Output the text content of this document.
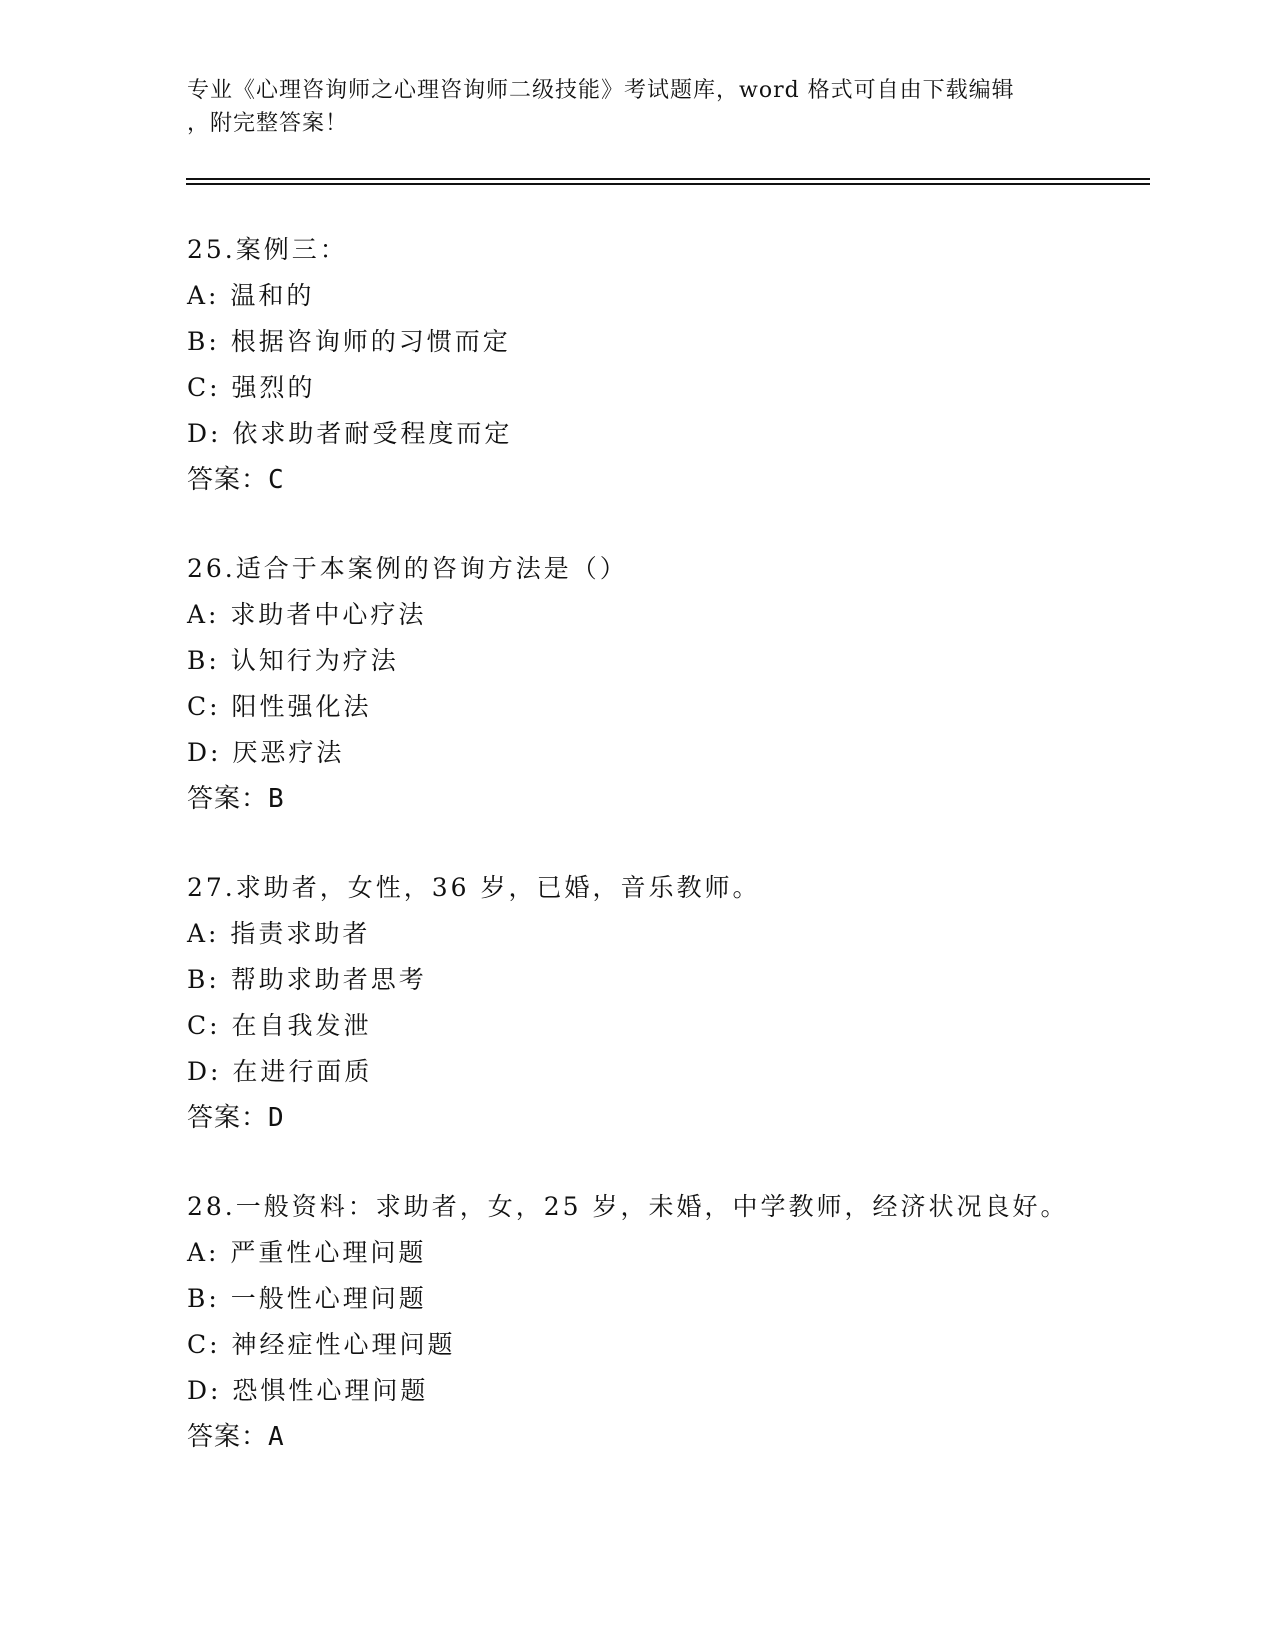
专业《心理咨询师之心理咨询师二级技能》考试题库，word 格式可自由下载编辑
，附完整答案！
25.案例三：
A: 温和的
B: 根据咨询师的习惯而定
C: 强烈的
D: 依求助者耐受程度而定
答案：C
26.适合于本案例的咨询方法是（）
A: 求助者中心疗法
B: 认知行为疗法
C: 阳性强化法
D: 厌恶疗法
答案：B
27.求助者，女性，36 岁，已婚，音乐教师。
A: 指责求助者
B: 帮助求助者思考
C: 在自我发泄
D: 在进行面质
答案：D
28.一般资料：求助者，女，25 岁，未婚，中学教师，经济状况良好。
A: 严重性心理问题
B: 一般性心理问题
C: 神经症性心理问题
D: 恐惧性心理问题
答案：A
